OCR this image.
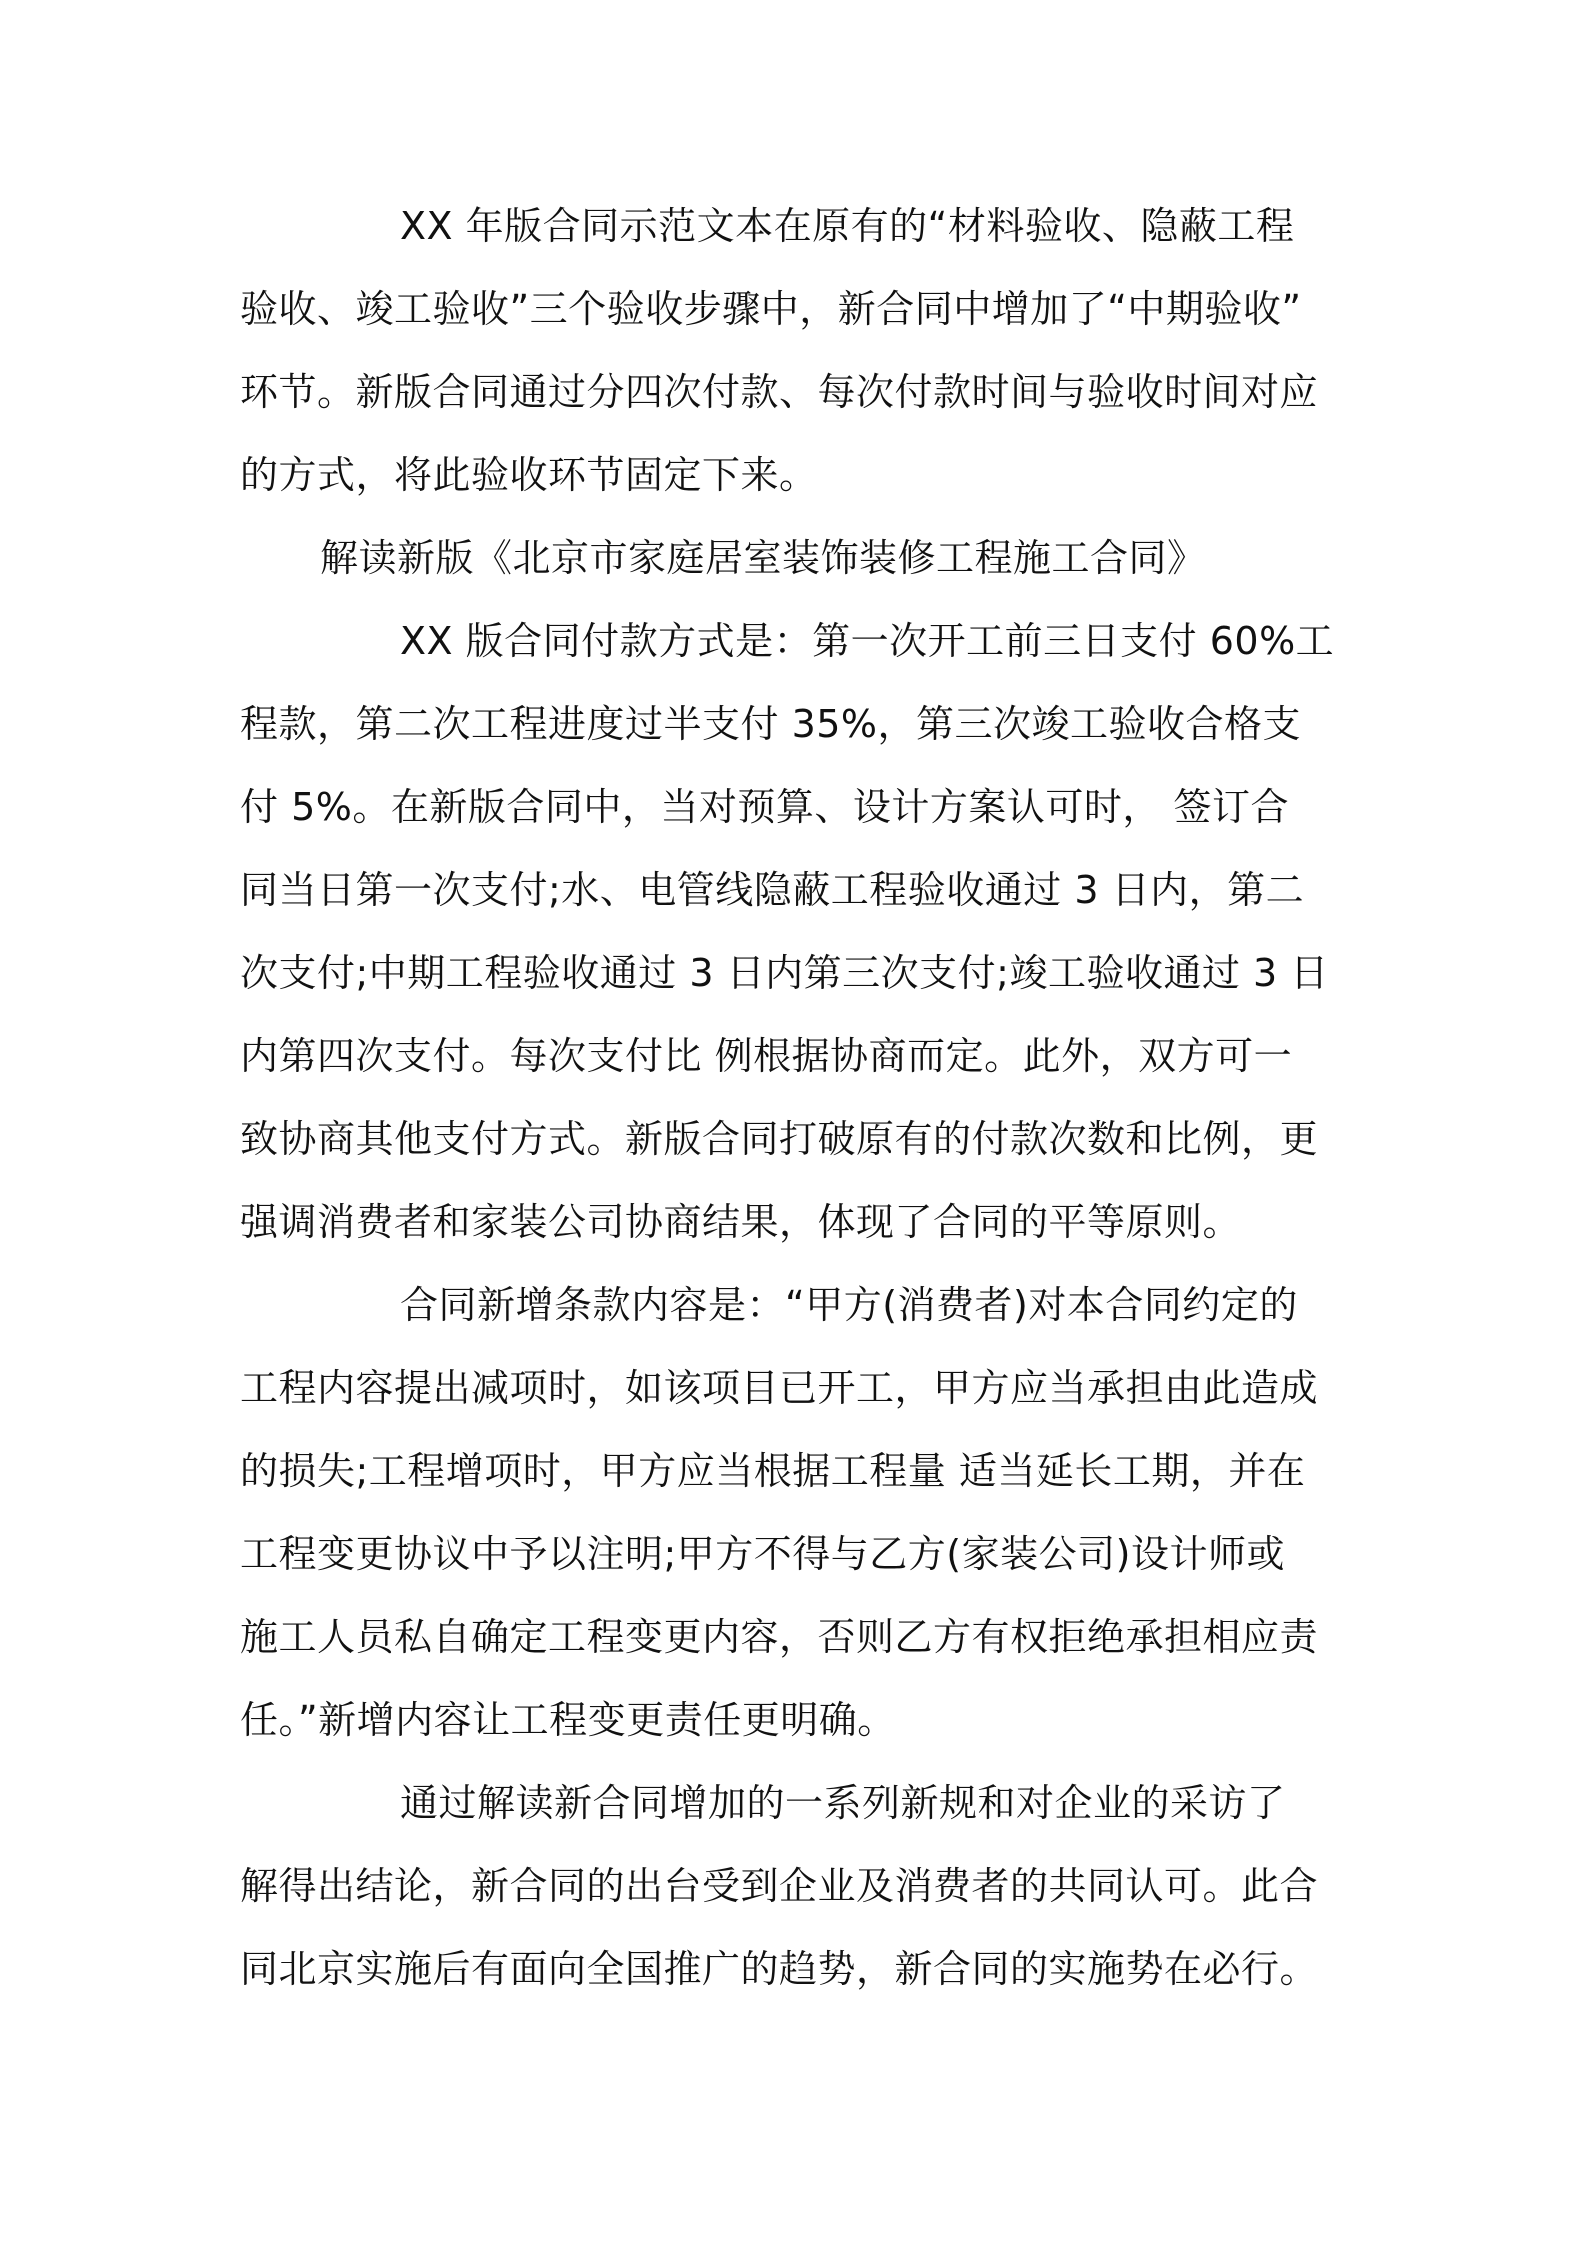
XX 年版合同示范文本在原有的“材料验收、隐蔽工程
验收、竣工验收”三个验收步骤中，新合同中增加了“中期验收”
环节。新版合同通过分四次付款、每次付款时间与验收时间对应
的方式，将此验收环节固定下来。

解读新版《北京市家庭居室装饰装修工程施工合同》

XX 版合同付款方式是：第一次开工前三日支付 60%工
程款，第二次工程进度过半支付 35%，第三次竣工验收合格支
付 5%。在新版合同中，当对预算、设计方案认可时， 签订合
同当日第一次支付;水、电管线隐蔽工程验收通过 3 日内，第二
次支付;中期工程验收通过 3 日内第三次支付;竣工验收通过 3 日
内第四次支付。每次支付比 例根据协商而定。此外，双方可一
致协商其他支付方式。新版合同打破原有的付款次数和比例，更
强调消费者和家装公司协商结果，体现了合同的平等原则。

合同新增条款内容是：“甲方(消费者)对本合同约定的
工程内容提出减项时，如该项目已开工，甲方应当承担由此造成
的损失;工程增项时，甲方应当根据工程量 适当延长工期，并在
工程变更协议中予以注明;甲方不得与乙方(家装公司)设计师或
施工人员私自确定工程变更内容，否则乙方有权拒绝承担相应责
任。”新增内容让工程变更责任更明确。

通过解读新合同增加的一系列新规和对企业的采访了
解得出结论，新合同的出台受到企业及消费者的共同认可。此合
同北京实施后有面向全国推广的趋势，新合同的实施势在必行。
